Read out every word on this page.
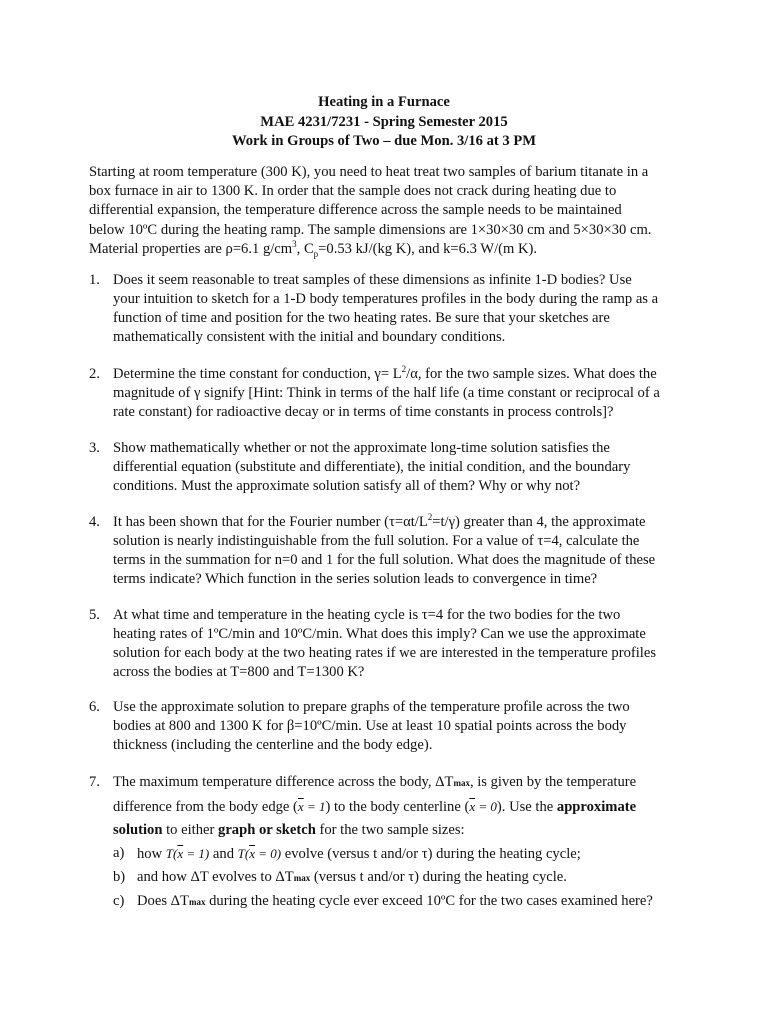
Heating in a Furnace
MAE 4231/7231 - Spring Semester 2015
Work in Groups of Two – due Mon. 3/16 at 3 PM
Starting at room temperature (300 K), you need to heat treat two samples of barium titanate in a
box furnace in air to 1300 K. In order that the sample does not crack during heating due to
differential expansion, the temperature difference across the sample needs to be maintained
below 10ºC during the heating ramp. The sample dimensions are 1×30×30 cm and 5×30×30 cm.
Material properties are ρ=6.1 $g/cm^3$, $C_p=0.53$ kJ/(kg K), and k=6.3 W/(m K).
1. Does it seem reasonable to treat samples of these dimensions as infinite 1-D bodies? Use
your intuition to sketch for a 1-D body temperatures profiles in the body during the ramp as a
function of time and position for the two heating rates. Be sure that your sketches are
mathematically consistent with the initial and boundary conditions.
2. Determine the time constant for conduction, $\gamma= L^2/\alpha$, for the two sample sizes. What does the
magnitude of γ signify [Hint: Think in terms of the half life (a time constant or reciprocal of a
rate constant) for radioactive decay or in terms of time constants in process controls]?
3. Show mathematically whether or not the approximate long-time solution satisfies the
differential equation (substitute and differentiate), the initial condition, and the boundary
conditions. Must the approximate solution satisfy all of them? Why or why not?
4. It has been shown that for the Fourier number $(\tau=\alpha t/L^2=t/\gamma)$ greater than 4, the approximate
solution is nearly indistinguishable from the full solution. For a value of τ=4, calculate the
terms in the summation for n=0 and 1 for the full solution. What does the magnitude of these
terms indicate? Which function in the series solution leads to convergence in time?
5. At what time and temperature in the heating cycle is τ=4 for the two bodies for the two
heating rates of 1ºC/min and 10ºC/min. What does this imply? Can we use the approximate
solution for each body at the two heating rates if we are interested in the temperature profiles
across the bodies at T=800 and T=1300 K?
6. Use the approximate solution to prepare graphs of the temperature profile across the two
bodies at 800 and 1300 K for β=10ºC/min. Use at least 10 spatial points across the body
thickness (including the centerline and the body edge).
7. The maximum temperature difference across the body, ΔTmax, is given by the temperature
difference from the body edge $(\overline{x} = 1)$ to the body centerline $(\overline{x} = 0)$. Use the approximate
solution to either graph or sketch for the two sample sizes:
a) how $T(\overline{x} = 1)$ and $T(\overline{x} = 0)$ evolve (versus t and/or τ) during the heating cycle;
b) and how ΔT evolves to ΔTmax (versus t and/or τ) during the heating cycle.
c) Does ΔTmax during the heating cycle ever exceed 10ºC for the two cases examined here?
